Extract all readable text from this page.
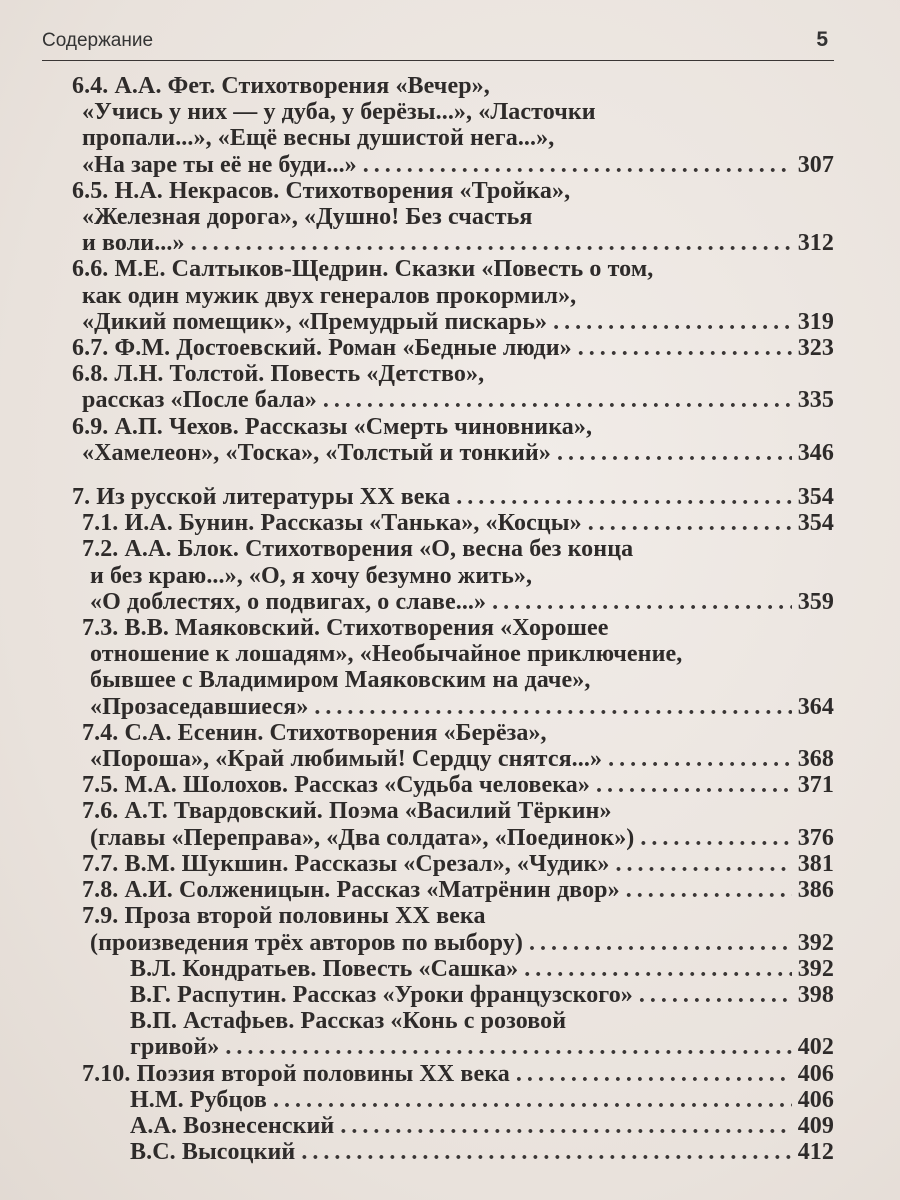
Содержание	5
6.4. А.А. Фет. Стихотворения «Вечер»,
«Учись у них — у дуба, у берёзы...», «Ласточки
пропали...», «Ещё весны душистой нега...»,
«На заре ты её не буди...» . . .	307
6.5. Н.А. Некрасов. Стихотворения «Тройка»,
«Железная дорога», «Душно! Без счастья
и воли...» . . .	312
6.6. М.Е. Салтыков-Щедрин. Сказки «Повесть о том,
как один мужик двух генералов прокормил»,
«Дикий помещик», «Премудрый пискарь» . . .	319
6.7. Ф.М. Достоевский. Роман «Бедные люди» . . .	323
6.8. Л.Н. Толстой. Повесть «Детство»,
рассказ «После бала» . . .	335
6.9. А.П. Чехов. Рассказы «Смерть чиновника»,
«Хамелеон», «Тоска», «Толстый и тонкий» . . .	346
7. Из русской литературы XX века . . .	354
7.1. И.А. Бунин. Рассказы «Танька», «Косцы» . . .	354
7.2. А.А. Блок. Стихотворения «О, весна без конца
и без краю...», «О, я хочу безумно жить»,
«О доблестях, о подвигах, о славе...» . . .	359
7.3. В.В. Маяковский. Стихотворения «Хорошее
отношение к лошадям», «Необычайное приключение,
бывшее с Владимиром Маяковским на даче»,
«Прозаседавшиеся» . . .	364
7.4. С.А. Есенин. Стихотворения «Берёза»,
«Пороша», «Край любимый! Сердцу снятся...» . . .	368
7.5. М.А. Шолохов. Рассказ «Судьба человека» . . .	371
7.6. А.Т. Твардовский. Поэма «Василий Тёркин»
(главы «Переправа», «Два солдата», «Поединок») . . .	376
7.7. В.М. Шукшин. Рассказы «Срезал», «Чудик» . . .	381
7.8. А.И. Солженицын. Рассказ «Матрёнин двор» . . .	386
7.9. Проза второй половины XX века
(произведения трёх авторов по выбору) . . .	392
В.Л. Кондратьев. Повесть «Сашка» . . .	392
В.Г. Распутин. Рассказ «Уроки французского» . . .	398
В.П. Астафьев. Рассказ «Конь с розовой
гривой» . . .	402
7.10. Поэзия второй половины XX века . . .	406
Н.М. Рубцов . . .	406
А.А. Вознесенский . . .	409
В.С. Высоцкий . . .	412
